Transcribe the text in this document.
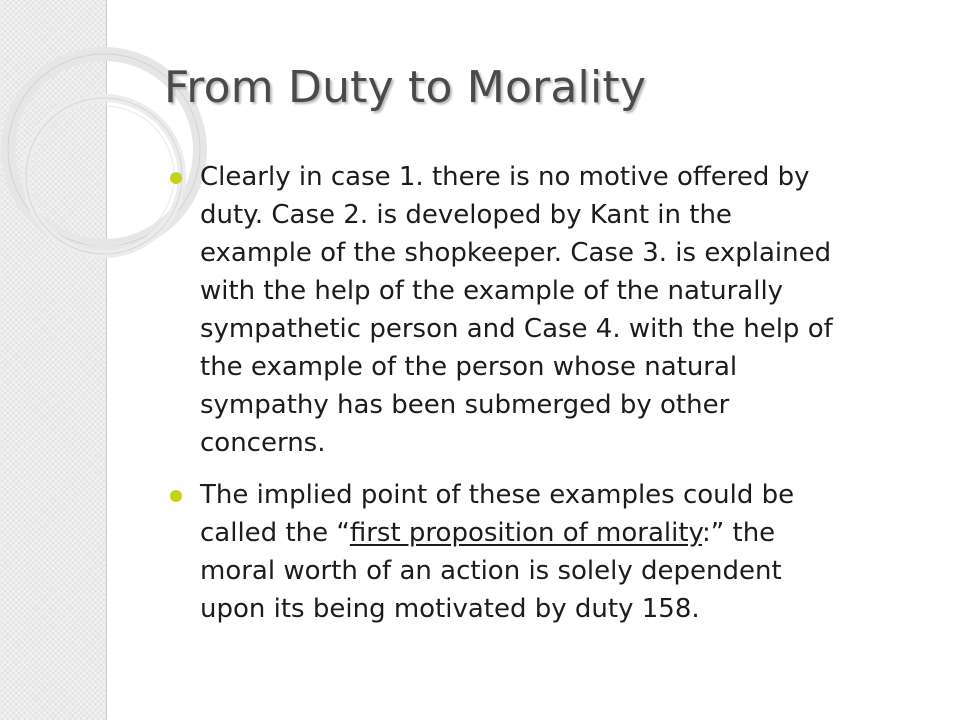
From Duty to Morality
Clearly in case 1. there is no motive offered by duty. Case 2. is developed by Kant in the example of the shopkeeper. Case 3. is explained with the help of the example of the naturally sympathetic person and Case 4. with the help of the example of the person whose natural sympathy has been submerged by other concerns.
The implied point of these examples could be called the “first proposition of morality:” the moral worth of an action is solely dependent upon its being motivated by duty 158.
